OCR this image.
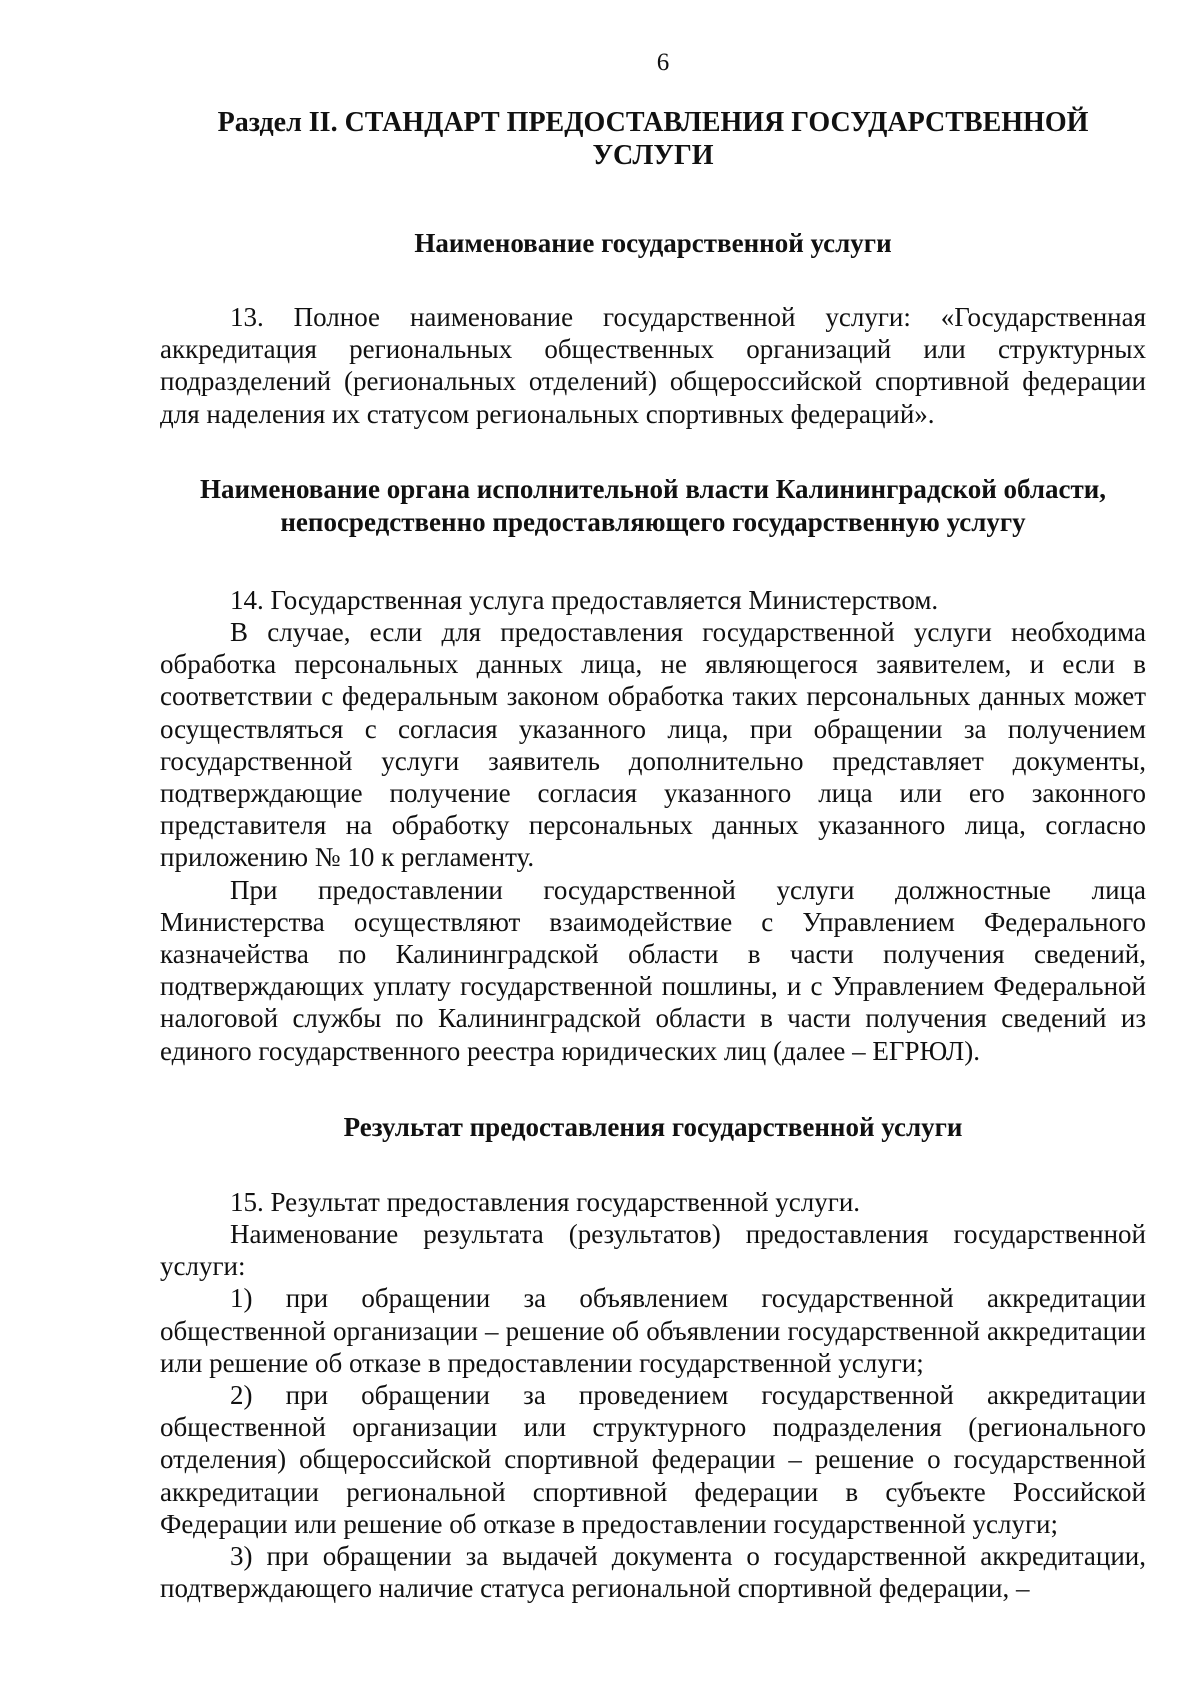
6
Раздел II. СТАНДАРТ ПРЕДОСТАВЛЕНИЯ ГОСУДАРСТВЕННОЙ УСЛУГИ
Наименование государственной услуги

13. Полное наименование государственной услуги: «Государственная аккредитация региональных общественных организаций или структурных подразделений (региональных отделений) общероссийской спортивной федерации для наделения их статусом региональных спортивных федераций».

Наименование органа исполнительной власти Калининградской области, непосредственно предоставляющего государственную услугу

14. Государственная услуга предоставляется Министерством.

В случае, если для предоставления государственной услуги необходима обработка персональных данных лица, не являющегося заявителем, и если в соответствии с федеральным законом обработка таких персональных данных может осуществляться с согласия указанного лица, при обращении за получением государственной услуги заявитель дополнительно представляет документы, подтверждающие получение согласия указанного лица или его законного представителя на обработку персональных данных указанного лица, согласно приложению № 10 к регламенту.

При предоставлении государственной услуги должностные лица Министерства осуществляют взаимодействие с Управлением Федерального казначейства по Калининградской области в части получения сведений, подтверждающих уплату государственной пошлины, и с Управлением Федеральной налоговой службы по Калининградской области в части получения сведений из единого государственного реестра юридических лиц (далее – ЕГРЮЛ).

Результат предоставления государственной услуги

15. Результат предоставления государственной услуги.

Наименование результата (результатов) предоставления государственной услуги:

1) при обращении за объявлением государственной аккредитации общественной организации – решение об объявлении государственной аккредитации или решение об отказе в предоставлении государственной услуги;

2) при обращении за проведением государственной аккредитации общественной организации или структурного подразделения (регионального отделения) общероссийской спортивной федерации – решение о государственной аккредитации региональной спортивной федерации в субъекте Российской Федерации или решение об отказе в предоставлении государственной услуги;

3) при обращении за выдачей документа о государственной аккредитации, подтверждающего наличие статуса региональной спортивной федерации, –
